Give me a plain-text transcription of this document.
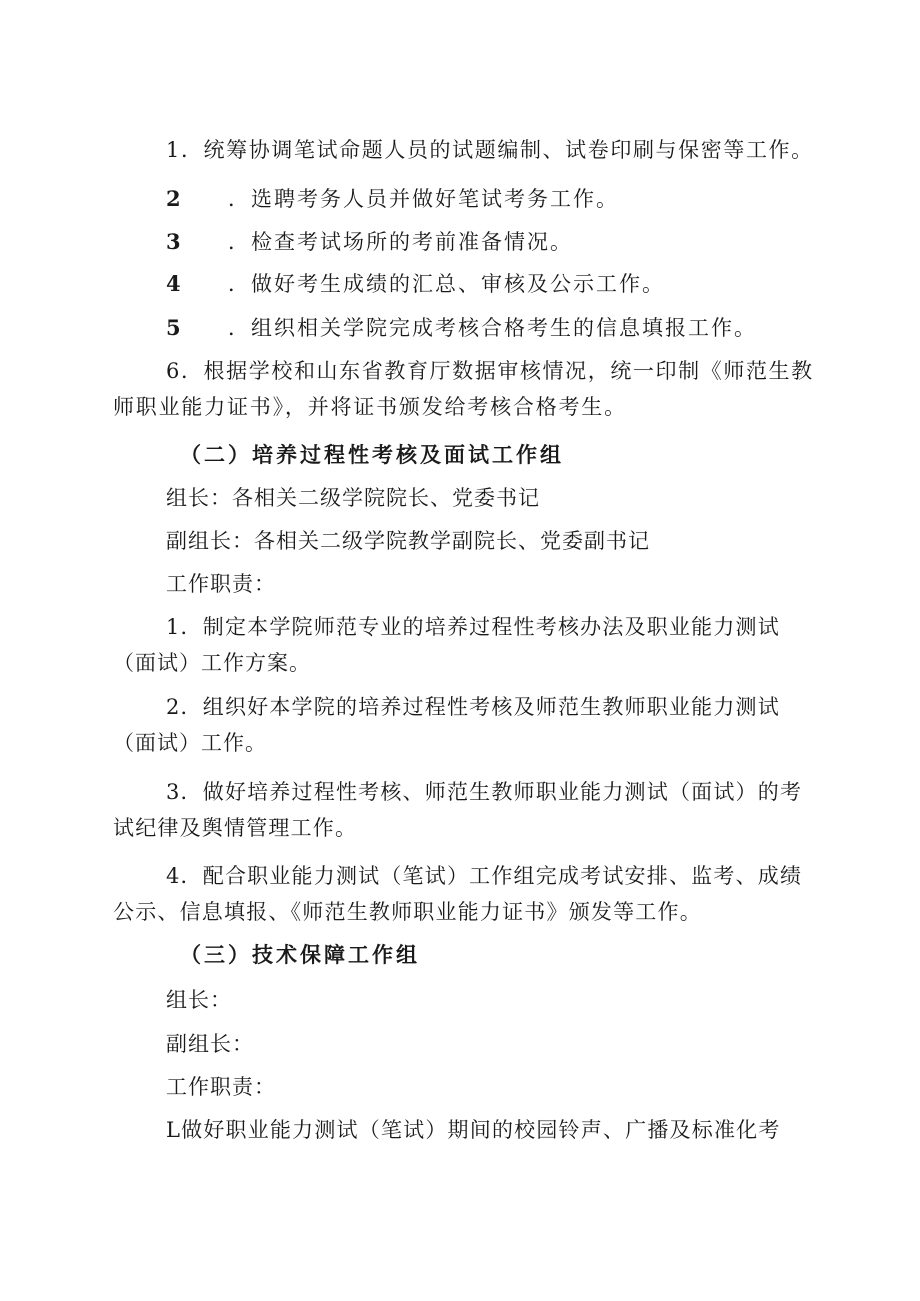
1．统筹协调笔试命题人员的试题编制、试卷印刷与保密等工作。
2 ．选聘考务人员并做好笔试考务工作。
3 ．检查考试场所的考前准备情况。
4 ．做好考生成绩的汇总、审核及公示工作。
5 ．组织相关学院完成考核合格考生的信息填报工作。
6．根据学校和山东省教育厅数据审核情况，统一印制《师范生教
师职业能力证书》，并将证书颁发给考核合格考生。
（二）培养过程性考核及面试工作组
组长：各相关二级学院院长、党委书记
副组长：各相关二级学院教学副院长、党委副书记
工作职责：
1．制定本学院师范专业的培养过程性考核办法及职业能力测试
（面试）工作方案。
2．组织好本学院的培养过程性考核及师范生教师职业能力测试
（面试）工作。
3．做好培养过程性考核、师范生教师职业能力测试（面试）的考
试纪律及舆情管理工作。
4．配合职业能力测试（笔试）工作组完成考试安排、监考、成绩
公示、信息填报、《师范生教师职业能力证书》颁发等工作。
（三）技术保障工作组
组长：
副组长：
工作职责：
L做好职业能力测试（笔试）期间的校园铃声、广播及标准化考
